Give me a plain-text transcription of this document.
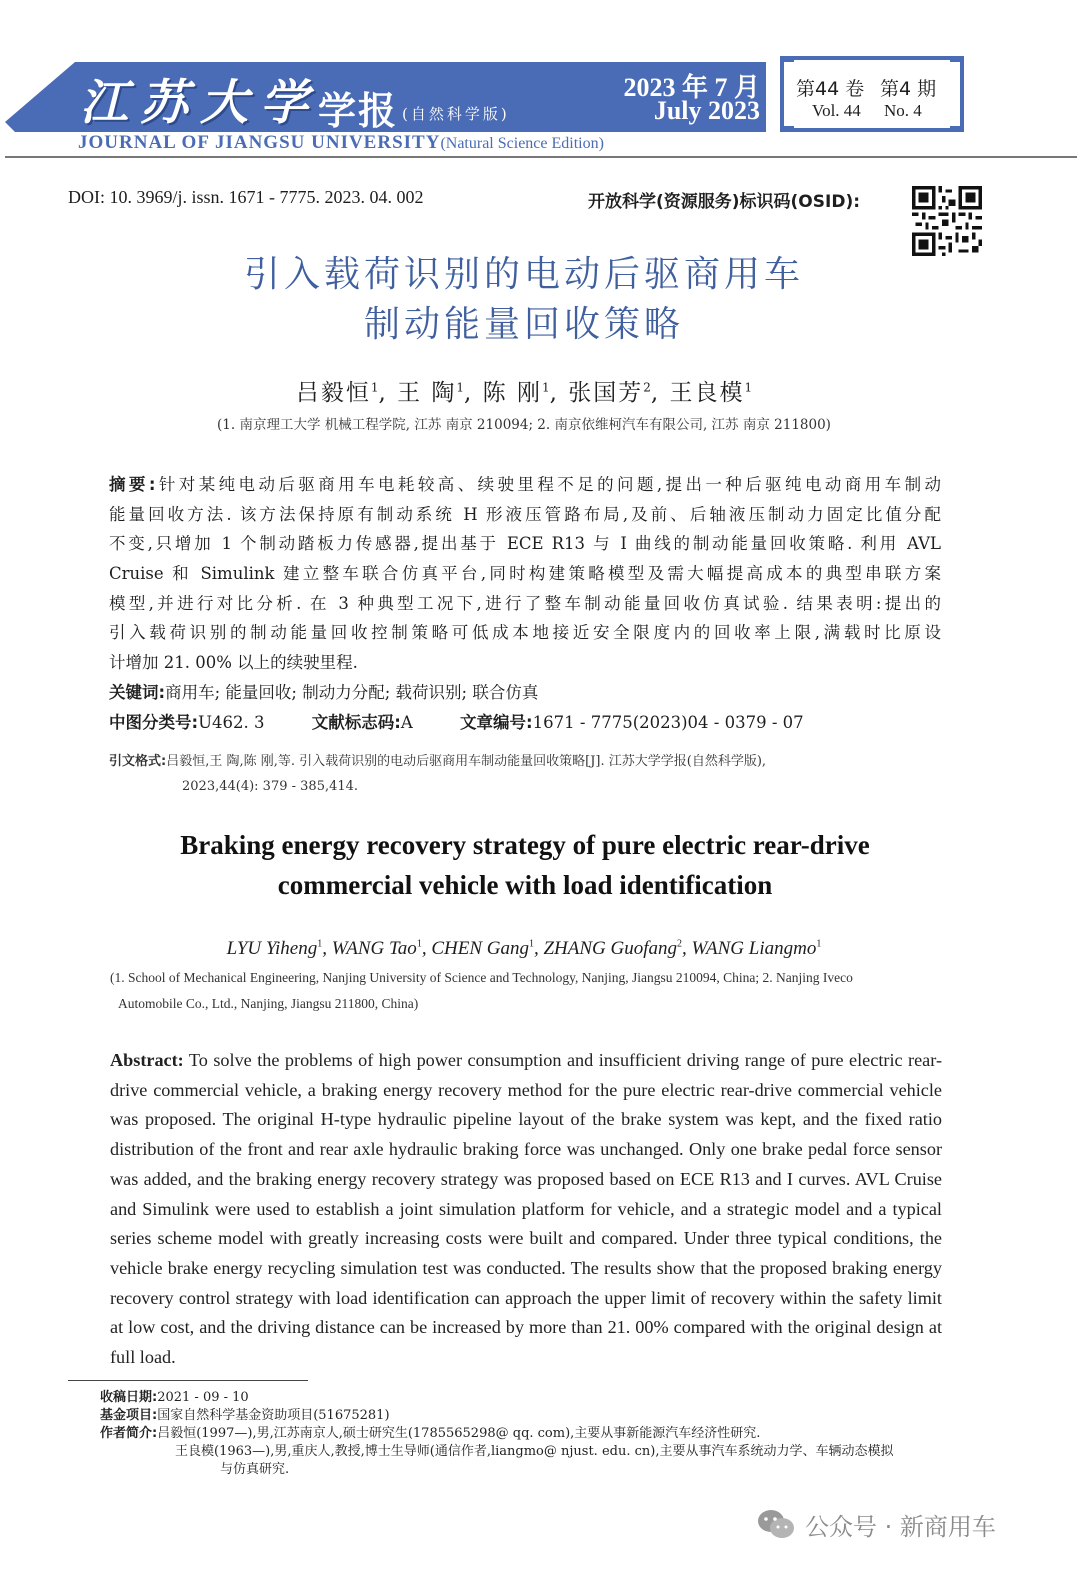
江苏大学
学报 (自然科学版)
2023 年 7 月
July 2023
第44 卷 第4 期
Vol. 44 No. 4
JOURNAL OF JIANGSU UNIVERSITY(Natural Science Edition)
DOI: 10. 3969/j. issn. 1671 - 7775. 2023. 04. 002	开放科学(资源服务)标识码(OSID):
引入载荷识别的电动后驱商用车
制动能量回收策略
吕毅恒$^1$, 王 陶$^1$, 陈 刚$^1$, 张国芳$^2$, 王良模$^1$
(1. 南京理工大学 机械工程学院, 江苏 南京 210094; 2. 南京依维柯汽车有限公司, 江苏 南京 211800)
摘要:针对某纯电动后驱商用车电耗较高、续驶里程不足的问题,提出一种后驱纯电动商用车制动
能量回收方法. 该方法保持原有制动系统 H 形液压管路布局,及前、后轴液压制动力固定比值分配
不变,只增加 1 个制动踏板力传感器,提出基于 ECE R13 与 I 曲线的制动能量回收策略. 利用 AVL
Cruise 和 Simulink 建立整车联合仿真平台,同时构建策略模型及需大幅提高成本的典型串联方案
模型,并进行对比分析. 在 3 种典型工况下,进行了整车制动能量回收仿真试验. 结果表明:提出的
引入载荷识别的制动能量回收控制策略可低成本地接近安全限度内的回收率上限,满载时比原设
计增加 21. 00% 以上的续驶里程.
关键词:商用车; 能量回收; 制动力分配; 载荷识别; 联合仿真
中图分类号:U462. 3	文献标志码:A	文章编号:1671 - 7775(2023)04 - 0379 - 07
引文格式:吕毅恒,王 陶,陈 刚,等. 引入载荷识别的电动后驱商用车制动能量回收策略[J]. 江苏大学学报(自然科学版),
2023,44(4): 379 - 385,414.
Braking energy recovery strategy of pure electric rear-drive
commercial vehicle with load identification
LYU Yiheng$^1$, WANG Tao$^1$, CHEN Gang$^1$, ZHANG Guofang$^2$, WANG Liangmo$^1$
(1. School of Mechanical Engineering, Nanjing University of Science and Technology, Nanjing, Jiangsu 210094, China; 2. Nanjing Iveco
Automobile Co., Ltd., Nanjing, Jiangsu 211800, China)
Abstract: To solve the problems of high power consumption and insufficient driving range of pure electric rear-drive commercial vehicle, a braking energy recovery method for the pure electric rear-drive commercial vehicle was proposed. The original H-type hydraulic pipeline layout of the brake system was kept, and the fixed ratio distribution of the front and rear axle hydraulic braking force was unchanged. Only one brake pedal force sensor was added, and the braking energy recovery strategy was proposed based on ECE R13 and I curves. AVL Cruise and Simulink were used to establish a joint simulation platform for vehicle, and a strategic model and a typical series scheme model with greatly increasing costs were built and compared. Under three typical conditions, the vehicle brake energy recycling simulation test was conducted. The results show that the proposed braking energy recovery control strategy with load identification can approach the upper limit of recovery within the safety limit at low cost, and the driving distance can be increased by more than 21. 00% compared with the original design at full load.
收稿日期:2021 - 09 - 10
基金项目:国家自然科学基金资助项目(51675281)
作者简介:吕毅恒(1997—),男,江苏南京人,硕士研究生(1785565298@ qq. com),主要从事新能源汽车经济性研究.
王良模(1963—),男,重庆人,教授,博士生导师(通信作者,liangmo@ njust. edu. cn),主要从事汽车系统动力学、车辆动态模拟
与仿真研究.
公众号 · 新商用车
